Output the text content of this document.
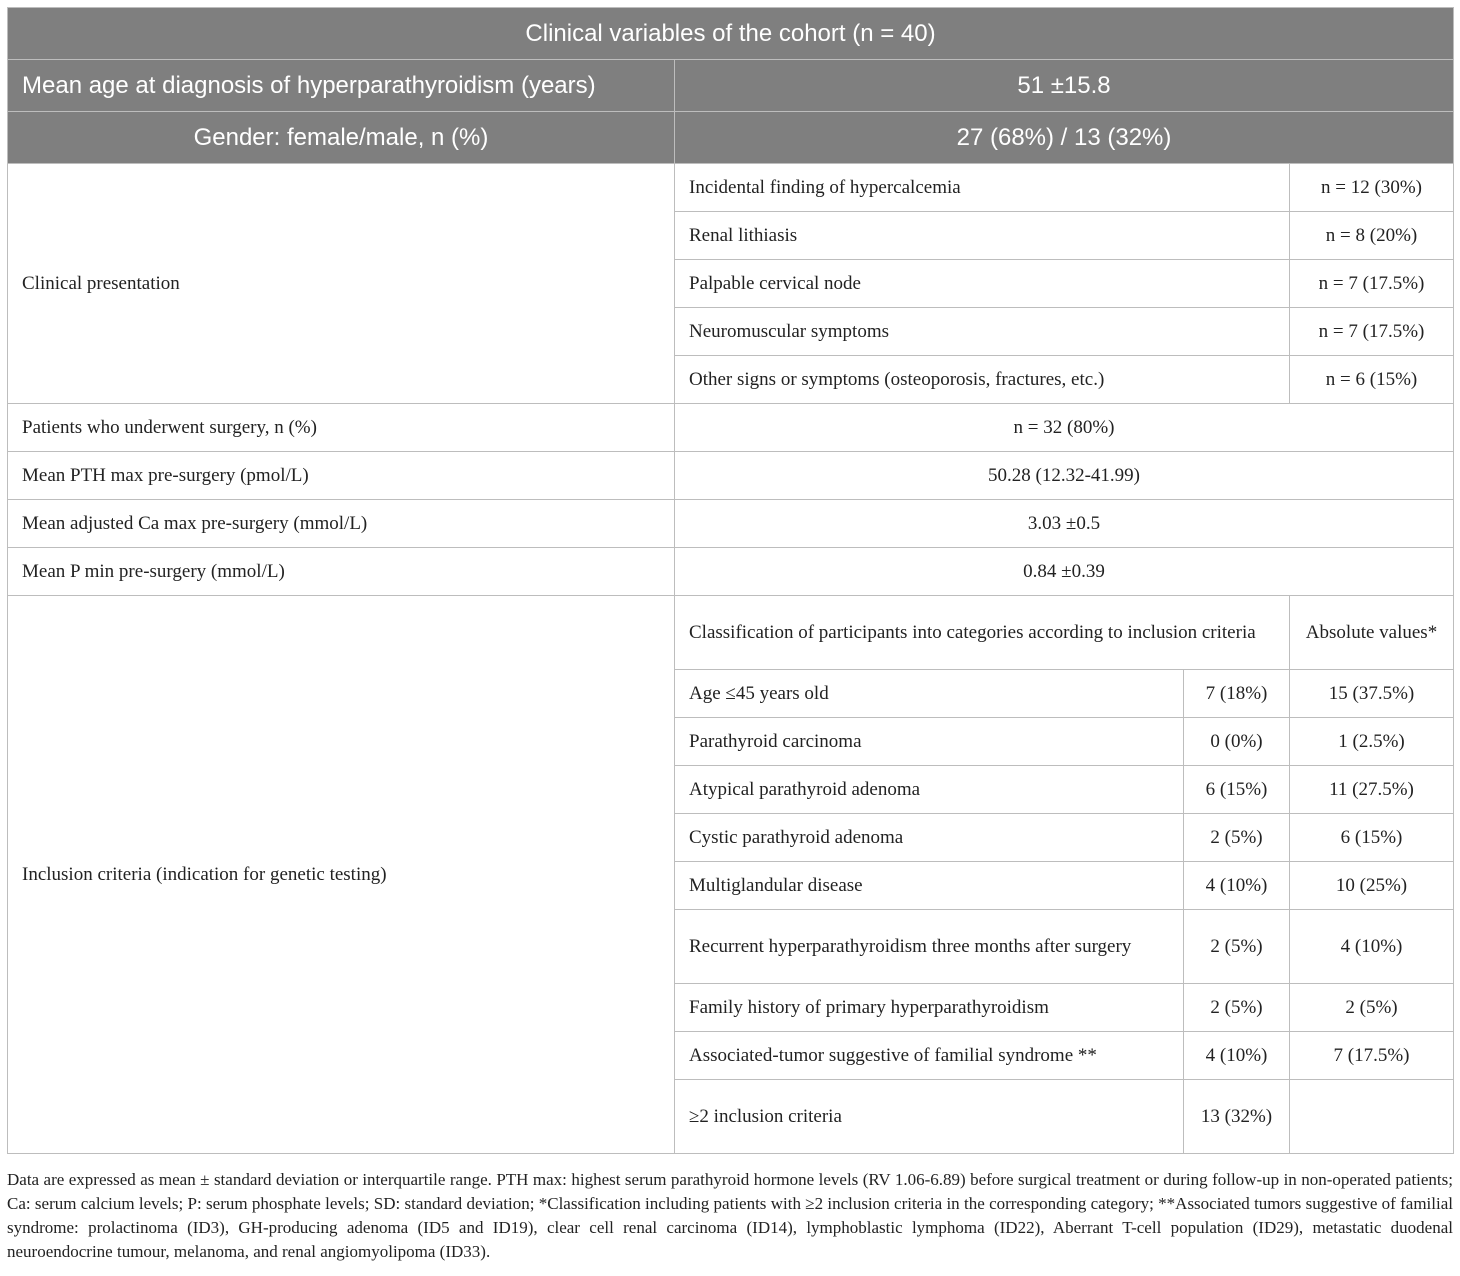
Clinical variables of the cohort (n = 40)			
Mean age at diagnosis of hyperparathyroidism (years)	51 ±15.8		
Gender: female/male, n (%)	27 (68%) / 13 (32%)		
Clinical presentation	Incidental finding of hypercalcemia		n = 12 (30%)
	Renal lithiasis		n = 8 (20%)
	Palpable cervical node		n = 7 (17.5%)
	Neuromuscular symptoms		n = 7 (17.5%)
	Other signs or symptoms (osteoporosis, fractures, etc.)		n = 6 (15%)
Patients who underwent surgery, n (%)	n = 32 (80%)		
Mean PTH max pre-surgery (pmol/L)	50.28 (12.32-41.99)		
Mean adjusted Ca max pre-surgery (mmol/L)	3.03 ±0.5		
Mean P min pre-surgery (mmol/L)	0.84 ±0.39		
Inclusion criteria (indication for genetic testing)	Classification of participants into categories according to inclusion criteria		Absolute values*
	Age ≤45 years old	7 (18%)	15 (37.5%)
	Parathyroid carcinoma	0 (0%)	1 (2.5%)
	Atypical parathyroid adenoma	6 (15%)	11 (27.5%)
	Cystic parathyroid adenoma	2 (5%)	6 (15%)
	Multiglandular disease	4 (10%)	10 (25%)
	Recurrent hyperparathyroidism three months after surgery	2 (5%)	4 (10%)
	Family history of primary hyperparathyroidism	2 (5%)	2 (5%)
	Associated-tumor suggestive of familial syndrome **	4 (10%)	7 (17.5%)
	≥2 inclusion criteria	13 (32%)	
Data are expressed as mean ± standard deviation or interquartile range. PTH max: highest serum parathyroid hormone levels (RV 1.06-6.89) before surgical treatment or during follow-up in non-operated patients; Ca: serum calcium levels; P: serum phosphate levels; SD: standard deviation; *Classification including patients with ≥2 inclusion criteria in the corresponding category; **Associated tumors suggestive of familial syndrome: prolactinoma (ID3), GH-producing adenoma (ID5 and ID19), clear cell renal carcinoma (ID14), lymphoblastic lymphoma (ID22), Aberrant T-cell population (ID29), metastatic duodenal neuroendocrine tumour, melanoma, and renal angiomyolipoma (ID33).
